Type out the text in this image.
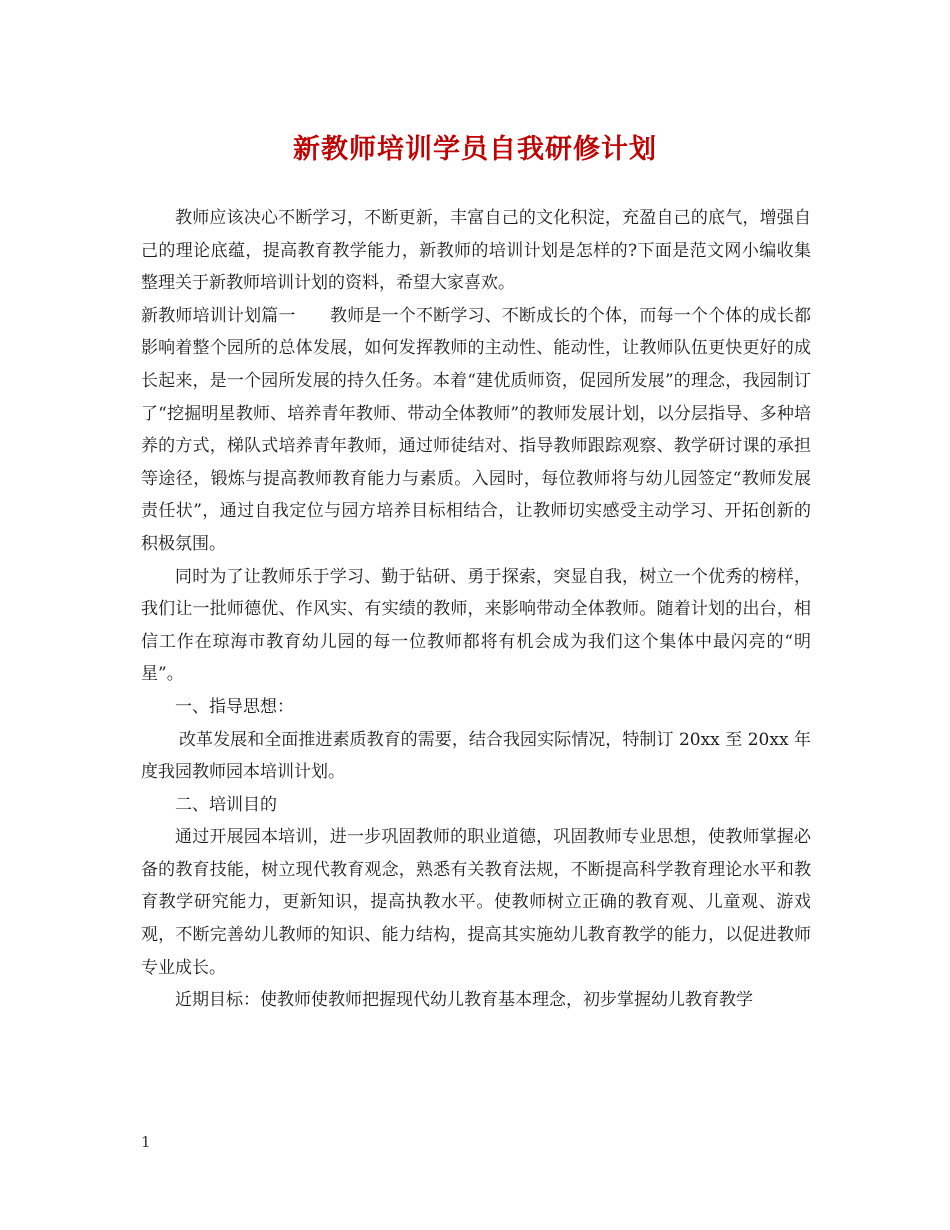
新教师培训学员自我研修计划

教师应该决心不断学习，不断更新，丰富自己的文化积淀，充盈自己的底气，增强自己的理论底蕴，提高教育教学能力，新教师的培训计划是怎样的?下面是范文网小编收集整理关于新教师培训计划的资料，希望大家喜欢。

新教师培训计划篇一　　教师是一个不断学习、不断成长的个体，而每一个个体的成长都影响着整个园所的总体发展，如何发挥教师的主动性、能动性，让教师队伍更快更好的成长起来，是一个园所发展的持久任务。本着“建优质师资，促园所发展”的理念，我园制订了“挖掘明星教师、培养青年教师、带动全体教师”的教师发展计划，以分层指导、多种培养的方式，梯队式培养青年教师，通过师徒结对、指导教师跟踪观察、教学研讨课的承担等途径，锻炼与提高教师教育能力与素质。入园时，每位教师将与幼儿园签定“教师发展责任状”，通过自我定位与园方培养目标相结合，让教师切实感受主动学习、开拓创新的积极氛围。

同时为了让教师乐于学习、勤于钻研、勇于探索，突显自我，树立一个优秀的榜样，我们让一批师德优、作风实、有实绩的教师，来影响带动全体教师。随着计划的出台，相信工作在琼海市教育幼儿园的每一位教师都将有机会成为我们这个集体中最闪亮的“明星”。

一、指导思想：

改革发展和全面推进素质教育的需要，结合我园实际情况，特制订 20xx 至 20xx 年度我园教师园本培训计划。

二、培训目的

通过开展园本培训，进一步巩固教师的职业道德，巩固教师专业思想，使教师掌握必备的教育技能，树立现代教育观念，熟悉有关教育法规，不断提高科学教育理论水平和教育教学研究能力，更新知识，提高执教水平。使教师树立正确的教育观、儿童观、游戏观，不断完善幼儿教师的知识、能力结构，提高其实施幼儿教育教学的能力，以促进教师专业成长。

近期目标：使教师使教师把握现代幼儿教育基本理念，初步掌握幼儿教育教学

1
